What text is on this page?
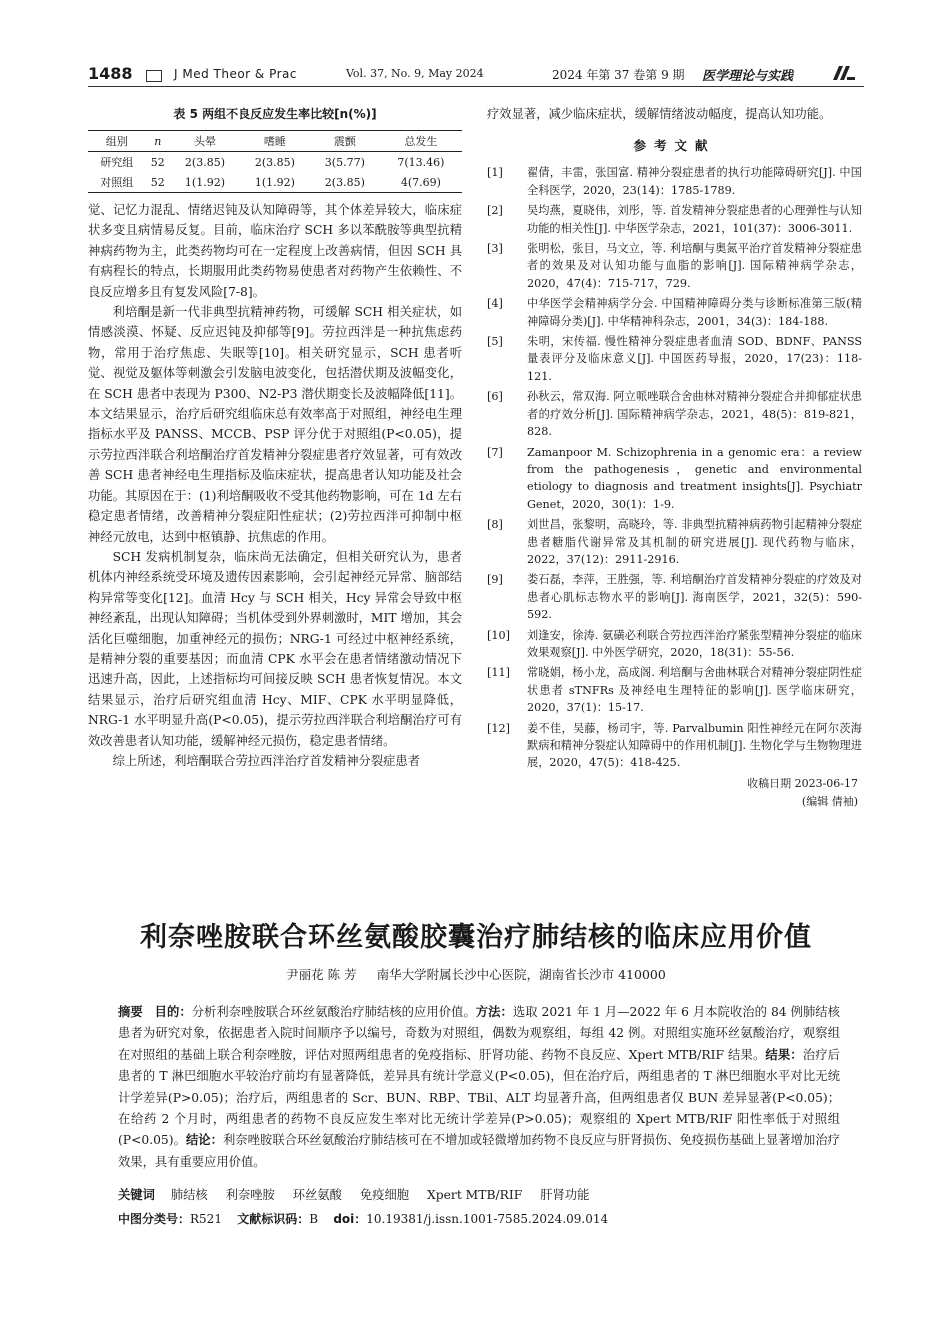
1488	J Med Theor & Prac	Vol. 37, No. 9, May 2024	2024 年第 37 卷第 9 期 医学理论与实践
表 5 两组不良反应发生率比较[n(%)]
组别	n	头晕	嗜睡	震颤	总发生
研究组	52	2(3.85)	2(3.85)	3(5.77)	7(13.46)
对照组	52	1(1.92)	1(1.92)	2(3.85)	4(7.69)

觉、记忆力混乱、情绪迟钝及认知障碍等，其个体差异较大，临床症状多变且病情易反复。目前，临床治疗 SCH 多以苯酰胺等典型抗精神病药物为主，此类药物均可在一定程度上改善病情，但因 SCH 具有病程长的特点，长期服用此类药物易使患者对药物产生依赖性、不良反应增多且有复发风险[7-8]。

利培酮是新一代非典型抗精神药物，可缓解 SCH 相关症状，如情感淡漠、怀疑、反应迟钝及抑郁等[9]。劳拉西泮是一种抗焦虑药物，常用于治疗焦虑、失眠等[10]。相关研究显示，SCH 患者听觉、视觉及躯体等刺激会引发脑电波变化，包括潜伏期及波幅变化，在 SCH 患者中表现为 P300、N2-P3 潜伏期变长及波幅降低[11]。本文结果显示，治疗后研究组临床总有效率高于对照组，神经电生理指标水平及 PANSS、MCCB、PSP 评分优于对照组(P<0.05)，提示劳拉西泮联合利培酮治疗首发精神分裂症患者疗效显著，可有效改善 SCH 患者神经电生理指标及临床症状，提高患者认知功能及社会功能。其原因在于：(1)利培酮吸收不受其他药物影响，可在 1d 左右稳定患者情绪，改善精神分裂症阳性症状；(2)劳拉西泮可抑制中枢神经元放电，达到中枢镇静、抗焦虑的作用。

SCH 发病机制复杂，临床尚无法确定，但相关研究认为，患者机体内神经系统受环境及遗传因素影响，会引起神经元异常、脑部结构异常等变化[12]。血清 Hcy 与 SCH 相关，Hcy 异常会导致中枢神经紊乱，出现认知障碍；当机体受到外界刺激时，MIT 增加，其会活化巨噬细胞，加重神经元的损伤；NRG-1 可经过中枢神经系统，是精神分裂的重要基因；而血清 CPK 水平会在患者情绪激动情况下迅速升高，因此，上述指标均可间接反映 SCH 患者恢复情况。本文结果显示，治疗后研究组血清 Hcy、MIF、CPK 水平明显降低，NRG-1 水平明显升高(P<0.05)，提示劳拉西泮联合利培酮治疗可有效改善患者认知功能，缓解神经元损伤，稳定患者情绪。

综上所述，利培酮联合劳拉西泮治疗首发精神分裂症患者

疗效显著，减少临床症状，缓解情绪波动幅度，提高认知功能。

参考文献
[1]	翟倩，丰雷，张国富. 精神分裂症患者的执行功能障碍研究[J]. 中国全科医学，2020，23(14)：1785-1789.
[2]	吴均燕，夏晓伟，刘彤，等. 首发精神分裂症患者的心理弹性与认知功能的相关性[J]. 中华医学杂志，2021，101(37)：3006-3011.
[3]	张明松，张目，马文立，等. 利培酮与奥氮平治疗首发精神分裂症患者的效果及对认知功能与血脂的影响[J]. 国际精神病学杂志，2020，47(4)：715-717，729.
[4]	中华医学会精神病学分会. 中国精神障碍分类与诊断标准第三版(精神障碍分类)[J]. 中华精神科杂志，2001，34(3)：184-188.
[5]	朱明，宋传福. 慢性精神分裂症患者血清 SOD、BDNF、PANSS 量表评分及临床意义[J]. 中国医药导报，2020，17(23)：118-121.
[6]	孙秋云，常双海. 阿立哌唑联合舍曲林对精神分裂症合并抑郁症状患者的疗效分析[J]. 国际精神病学杂志，2021，48(5)：819-821，828.
[7]	Zamanpoor M. Schizophrenia in a genomic era：a review from the pathogenesis，genetic and environmental etiology to diagnosis and treatment insights[J]. Psychiatr Genet，2020，30(1)：1-9.
[8]	刘世昌，张黎明，高晓玲，等. 非典型抗精神病药物引起精神分裂症患者糖脂代谢异常及其机制的研究进展[J]. 现代药物与临床，2022，37(12)：2911-2916.
[9]	娄石磊，李萍，王胜强，等. 利培酮治疗首发精神分裂症的疗效及对患者心肌标志物水平的影响[J]. 海南医学，2021，32(5)：590-592.
[10]	刘逢安，徐涛. 氨磺必利联合劳拉西泮治疗紧张型精神分裂症的临床效果观察[J]. 中外医学研究，2020，18(31)：55-56.
[11]	常晓娟，杨小龙，高成阁. 利培酮与舍曲林联合对精神分裂症阴性症状患者 sTNFRs 及神经电生理特征的影响[J]. 医学临床研究，2020，37(1)：15-17.
[12]	姜不佳，吴藤，杨司宇，等. Parvalbumin 阳性神经元在阿尔茨海默病和精神分裂症认知障碍中的作用机制[J]. 生物化学与生物物理进展，2020，47(5)：418-425.
收稿日期 2023-06-17
(编辑 倩袖)
利奈唑胺联合环丝氨酸胶囊治疗肺结核的临床应用价值
尹丽花 陈 芳 南华大学附属长沙中心医院，湖南省长沙市 410000
摘要 目的：分析利奈唑胺联合环丝氨酸治疗肺结核的应用价值。方法：选取 2021 年 1 月—2022 年 6 月本院收治的 84 例肺结核患者为研究对象，依据患者入院时间顺序予以编号，奇数为对照组，偶数为观察组，每组 42 例。对照组实施环丝氨酸治疗，观察组在对照组的基础上联合利奈唑胺，评估对照两组患者的免疫指标、肝肾功能、药物不良反应、Xpert MTB/RIF 结果。结果：治疗后患者的 T 淋巴细胞水平较治疗前均有显著降低，差异具有统计学意义(P<0.05)，但在治疗后，两组患者的 T 淋巴细胞水平对比无统计学差异(P>0.05)；治疗后，两组患者的 Scr、BUN、RBP、TBil、ALT 均显著升高，但两组患者仅 BUN 差异显著(P<0.05)；在给药 2 个月时，两组患者的药物不良反应发生率对比无统计学差异(P>0.05)；观察组的 Xpert MTB/RIF 阳性率低于对照组(P<0.05)。结论：利奈唑胺联合环丝氨酸治疗肺结核可在不增加或轻微增加药物不良反应与肝肾损伤、免疫损伤基础上显著增加治疗效果，具有重要应用价值。
关键词 肺结核 利奈唑胺 环丝氨酸 免疫细胞 Xpert MTB/RIF 肝肾功能
中图分类号：R521 文献标识码：B doi：10.19381/j.issn.1001-7585.2024.09.014
